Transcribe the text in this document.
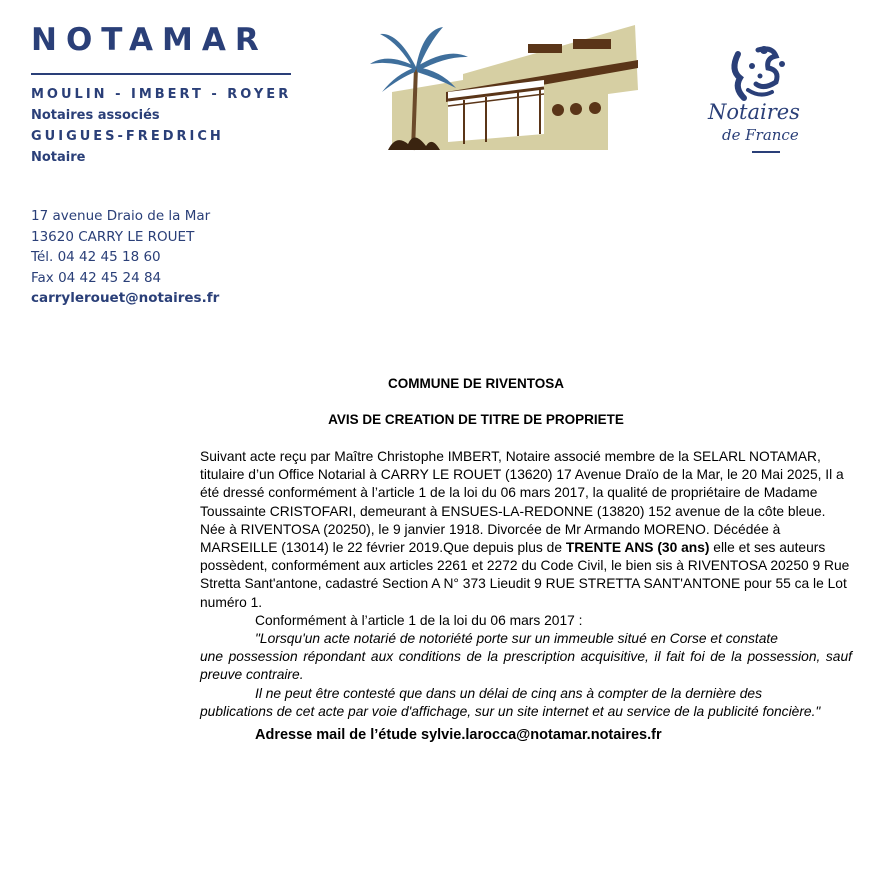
NOTAMAR
MOULIN - IMBERT - ROYER
Notaires associés
GUIGUES-FREDRICH
Notaire
17 avenue Draio de la Mar
13620 CARRY LE ROUET
Tél. 04 42 45 18 60
Fax 04 42 45 24 84
carrylerouet@notaires.fr
Notaires
de France
COMMUNE DE RIVENTOSA
AVIS DE CREATION DE TITRE DE PROPRIETE

Suivant acte reçu par Maître Christophe IMBERT, Notaire associé membre de la SELARL NOTAMAR, titulaire d’un Office Notarial à CARRY LE ROUET (13620) 17 Avenue Draïo de la Mar, le 20 Mai 2025, Il a été dressé conformément à l’article 1 de la loi du 06 mars 2017, la qualité de propriétaire de Madame Toussainte CRISTOFARI, demeurant à ENSUES-LA-REDONNE (13820) 152 avenue de la côte bleue. Née à RIVENTOSA (20250), le 9 janvier 1918. Divorcée de Mr Armando MORENO. Décédée à MARSEILLE (13014) le 22 février 2019.Que depuis plus de TRENTE ANS (30 ans) elle et ses auteurs possèdent, conformément aux articles 2261 et 2272 du Code Civil, le bien sis à RIVENTOSA 20250 9 Rue Stretta Sant'antone, cadastré Section A N° 373 Lieudit 9 RUE STRETTA SANT'ANTONE pour 55 ca le Lot numéro 1.

Conformément à l’article 1 de la loi du 06 mars 2017 :

"Lorsqu'un acte notarié de notoriété porte sur un immeuble situé en Corse et constate
une possession répondant aux conditions de la prescription acquisitive, il fait foi de la possession, sauf preuve contraire.

Il ne peut être contesté que dans un délai de cinq ans à compter de la dernière des
publications de cet acte par voie d'affichage, sur un site internet et au service de la publicité foncière."

Adresse mail de l’étude sylvie.larocca@notamar.notaires.fr
